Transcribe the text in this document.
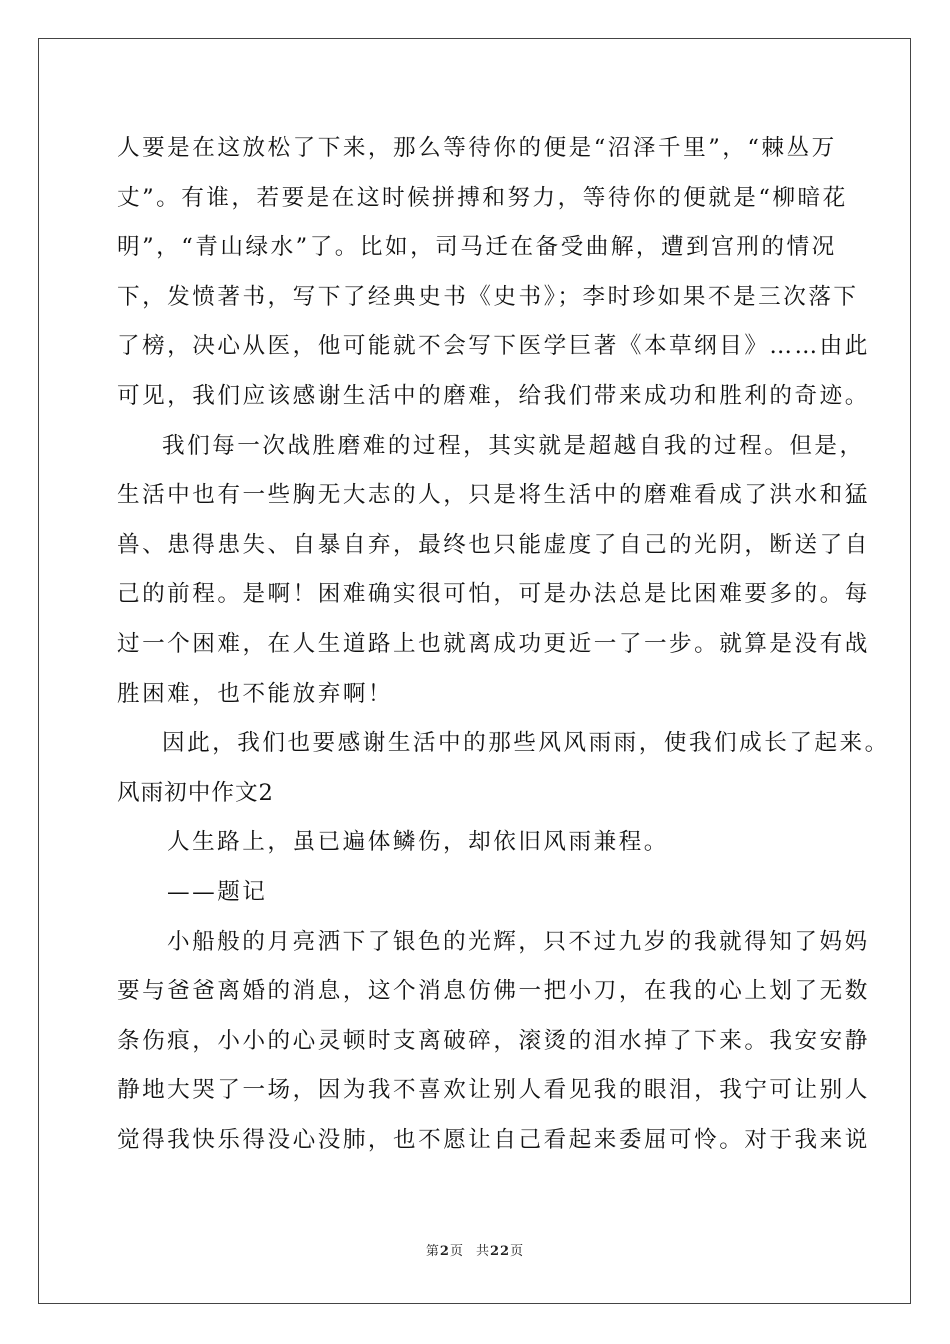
人要是在这放松了下来，那么等待你的便是“沼泽千里”，“棘丛万
丈”。有谁，若要是在这时候拼搏和努力，等待你的便就是“柳暗花
明”，“青山绿水”了。比如，司马迁在备受曲解，遭到宫刑的情况
下，发愤著书，写下了经典史书《史书》；李时珍如果不是三次落下
了榜，决心从医，他可能就不会写下医学巨著《本草纲目》……由此
可见，我们应该感谢生活中的磨难，给我们带来成功和胜利的奇迹。
我们每一次战胜磨难的过程，其实就是超越自我的过程。但是，
生活中也有一些胸无大志的人，只是将生活中的磨难看成了洪水和猛
兽、患得患失、自暴自弃，最终也只能虚度了自己的光阴，断送了自
己的前程。是啊！困难确实很可怕，可是办法总是比困难要多的。每
过一个困难，在人生道路上也就离成功更近一了一步。就算是没有战
胜困难，也不能放弃啊！
因此，我们也要感谢生活中的那些风风雨雨，使我们成长了起来。
风雨初中作文2
人生路上，虽已遍体鳞伤，却依旧风雨兼程。
——题记
小船般的月亮洒下了银色的光辉，只不过九岁的我就得知了妈妈
要与爸爸离婚的消息，这个消息仿佛一把小刀，在我的心上划了无数
条伤痕，小小的心灵顿时支离破碎，滚烫的泪水掉了下来。我安安静
静地大哭了一场，因为我不喜欢让别人看见我的眼泪，我宁可让别人
觉得我快乐得没心没肺，也不愿让自己看起来委屈可怜。对于我来说
第2页 共22页
